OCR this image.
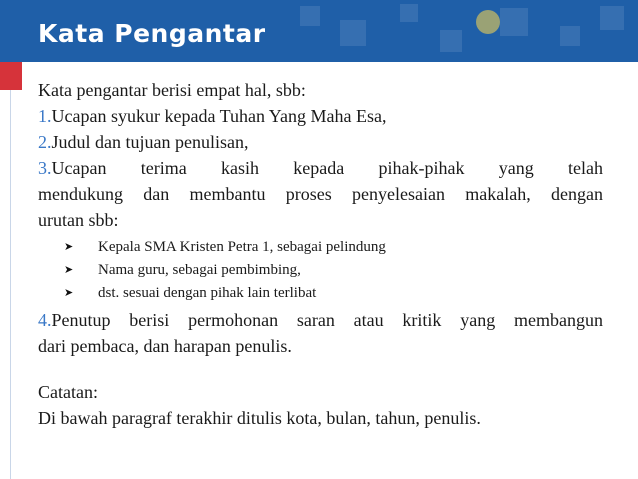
Kata Pengantar

Kata pengantar berisi empat hal, sbb:

1.Ucapan syukur kepada Tuhan Yang Maha Esa,

2.Judul dan tujuan penulisan,

3.Ucapan terima kasih kepada pihak-pihak yang telah
mendukung dan membantu proses penyelesaian makalah, dengan
urutan sbb:
➤	Kepala SMA Kristen Petra 1, sebagai pelindung
➤	Nama guru, sebagai pembimbing,
➤	dst. sesuai dengan pihak lain terlibat
4.Penutup berisi permohonan saran atau kritik yang membangun
dari pembaca, dan harapan penulis.

Catatan:

Di bawah paragraf terakhir ditulis kota, bulan, tahun, penulis.
